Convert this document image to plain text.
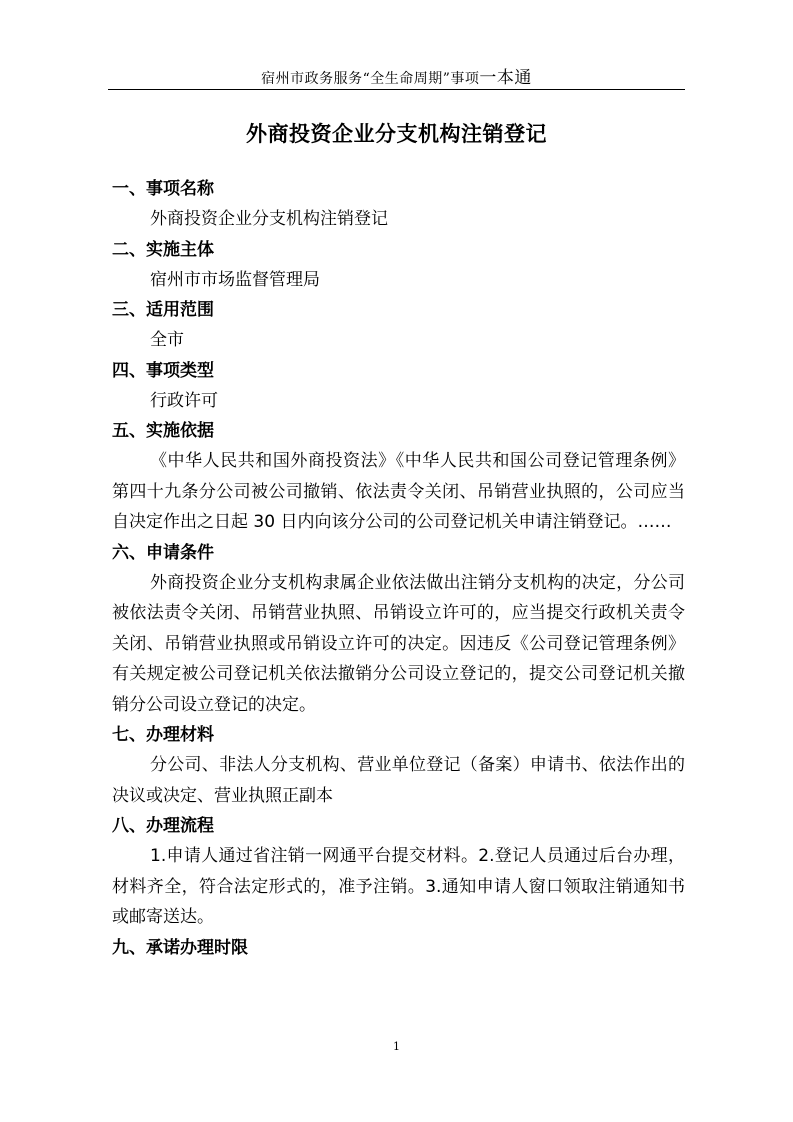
宿州市政务服务“全生命周期”事项一本通
外商投资企业分支机构注销登记
一、事项名称
外商投资企业分支机构注销登记
二、实施主体
宿州市市场监督管理局
三、适用范围
全市
四、事项类型
行政许可
五、实施依据
《中华人民共和国外商投资法》《中华人民共和国公司登记管理条例》第四十九条分公司被公司撤销、依法责令关闭、吊销营业执照的，公司应当自决定作出之日起 30 日内向该分公司的公司登记机关申请注销登记。……
六、申请条件
外商投资企业分支机构隶属企业依法做出注销分支机构的决定，分公司被依法责令关闭、吊销营业执照、吊销设立许可的，应当提交行政机关责令关闭、吊销营业执照或吊销设立许可的决定。因违反《公司登记管理条例》有关规定被公司登记机关依法撤销分公司设立登记的，提交公司登记机关撤销分公司设立登记的决定。
七、办理材料
分公司、非法人分支机构、营业单位登记（备案）申请书、依法作出的决议或决定、营业执照正副本
八、办理流程
1.申请人通过省注销一网通平台提交材料。2.登记人员通过后台办理，材料齐全，符合法定形式的，准予注销。3.通知申请人窗口领取注销通知书或邮寄送达。
九、承诺办理时限
1
